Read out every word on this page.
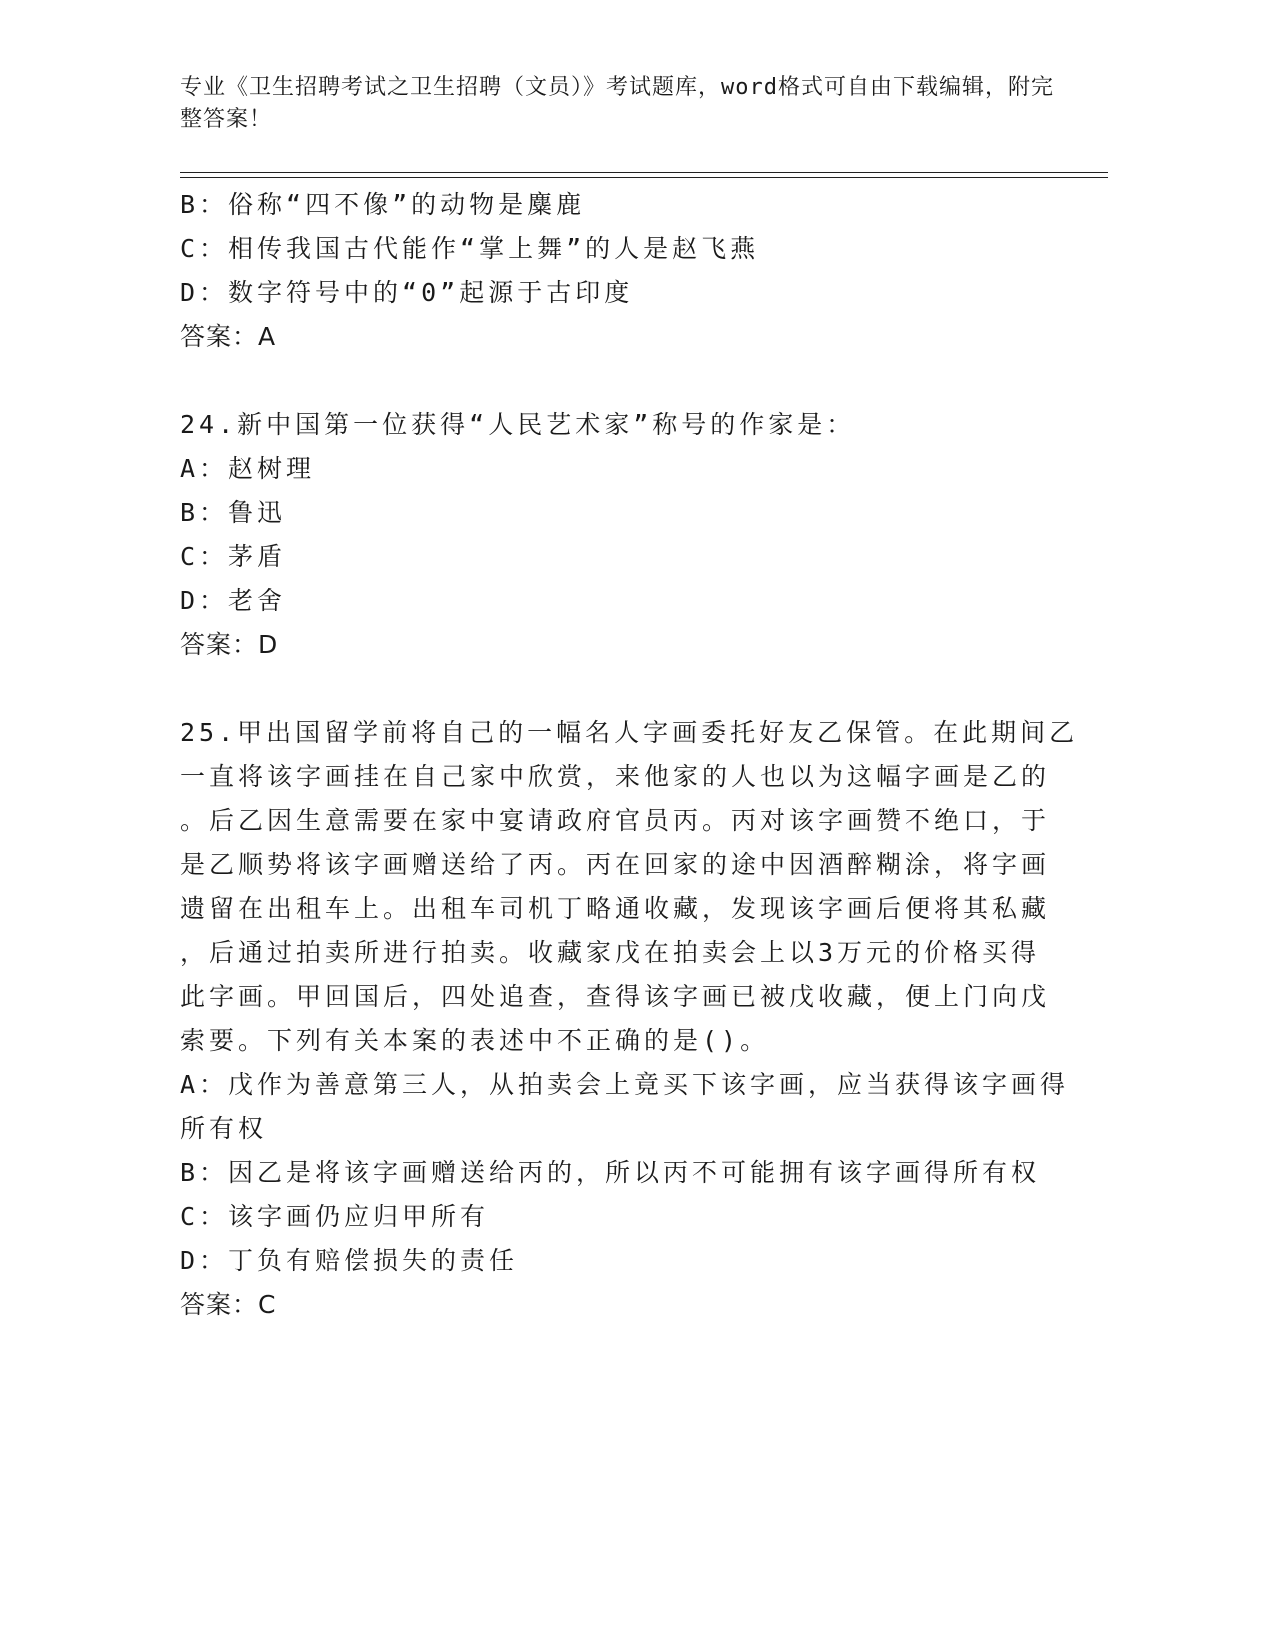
专业《卫生招聘考试之卫生招聘（文员）》考试题库，word格式可自由下载编辑，附完整答案！
B：俗称“四不像”的动物是麋鹿
C：相传我国古代能作“掌上舞”的人是赵飞燕
D：数字符号中的“0”起源于古印度
答案：A
24.新中国第一位获得“人民艺术家”称号的作家是：
A：赵树理
B：鲁迅
C：茅盾
D：老舍
答案：D
25.甲出国留学前将自己的一幅名人字画委托好友乙保管。在此期间乙
一直将该字画挂在自己家中欣赏，来他家的人也以为这幅字画是乙的
。后乙因生意需要在家中宴请政府官员丙。丙对该字画赞不绝口，于
是乙顺势将该字画赠送给了丙。丙在回家的途中因酒醉糊涂，将字画
遗留在出租车上。出租车司机丁略通收藏，发现该字画后便将其私藏
，后通过拍卖所进行拍卖。收藏家戊在拍卖会上以3万元的价格买得
此字画。甲回国后，四处追查，查得该字画已被戊收藏，便上门向戊
索要。下列有关本案的表述中不正确的是()。
A：戊作为善意第三人，从拍卖会上竟买下该字画，应当获得该字画得
所有权
B：因乙是将该字画赠送给丙的，所以丙不可能拥有该字画得所有权
C：该字画仍应归甲所有
D：丁负有赔偿损失的责任
答案：C
